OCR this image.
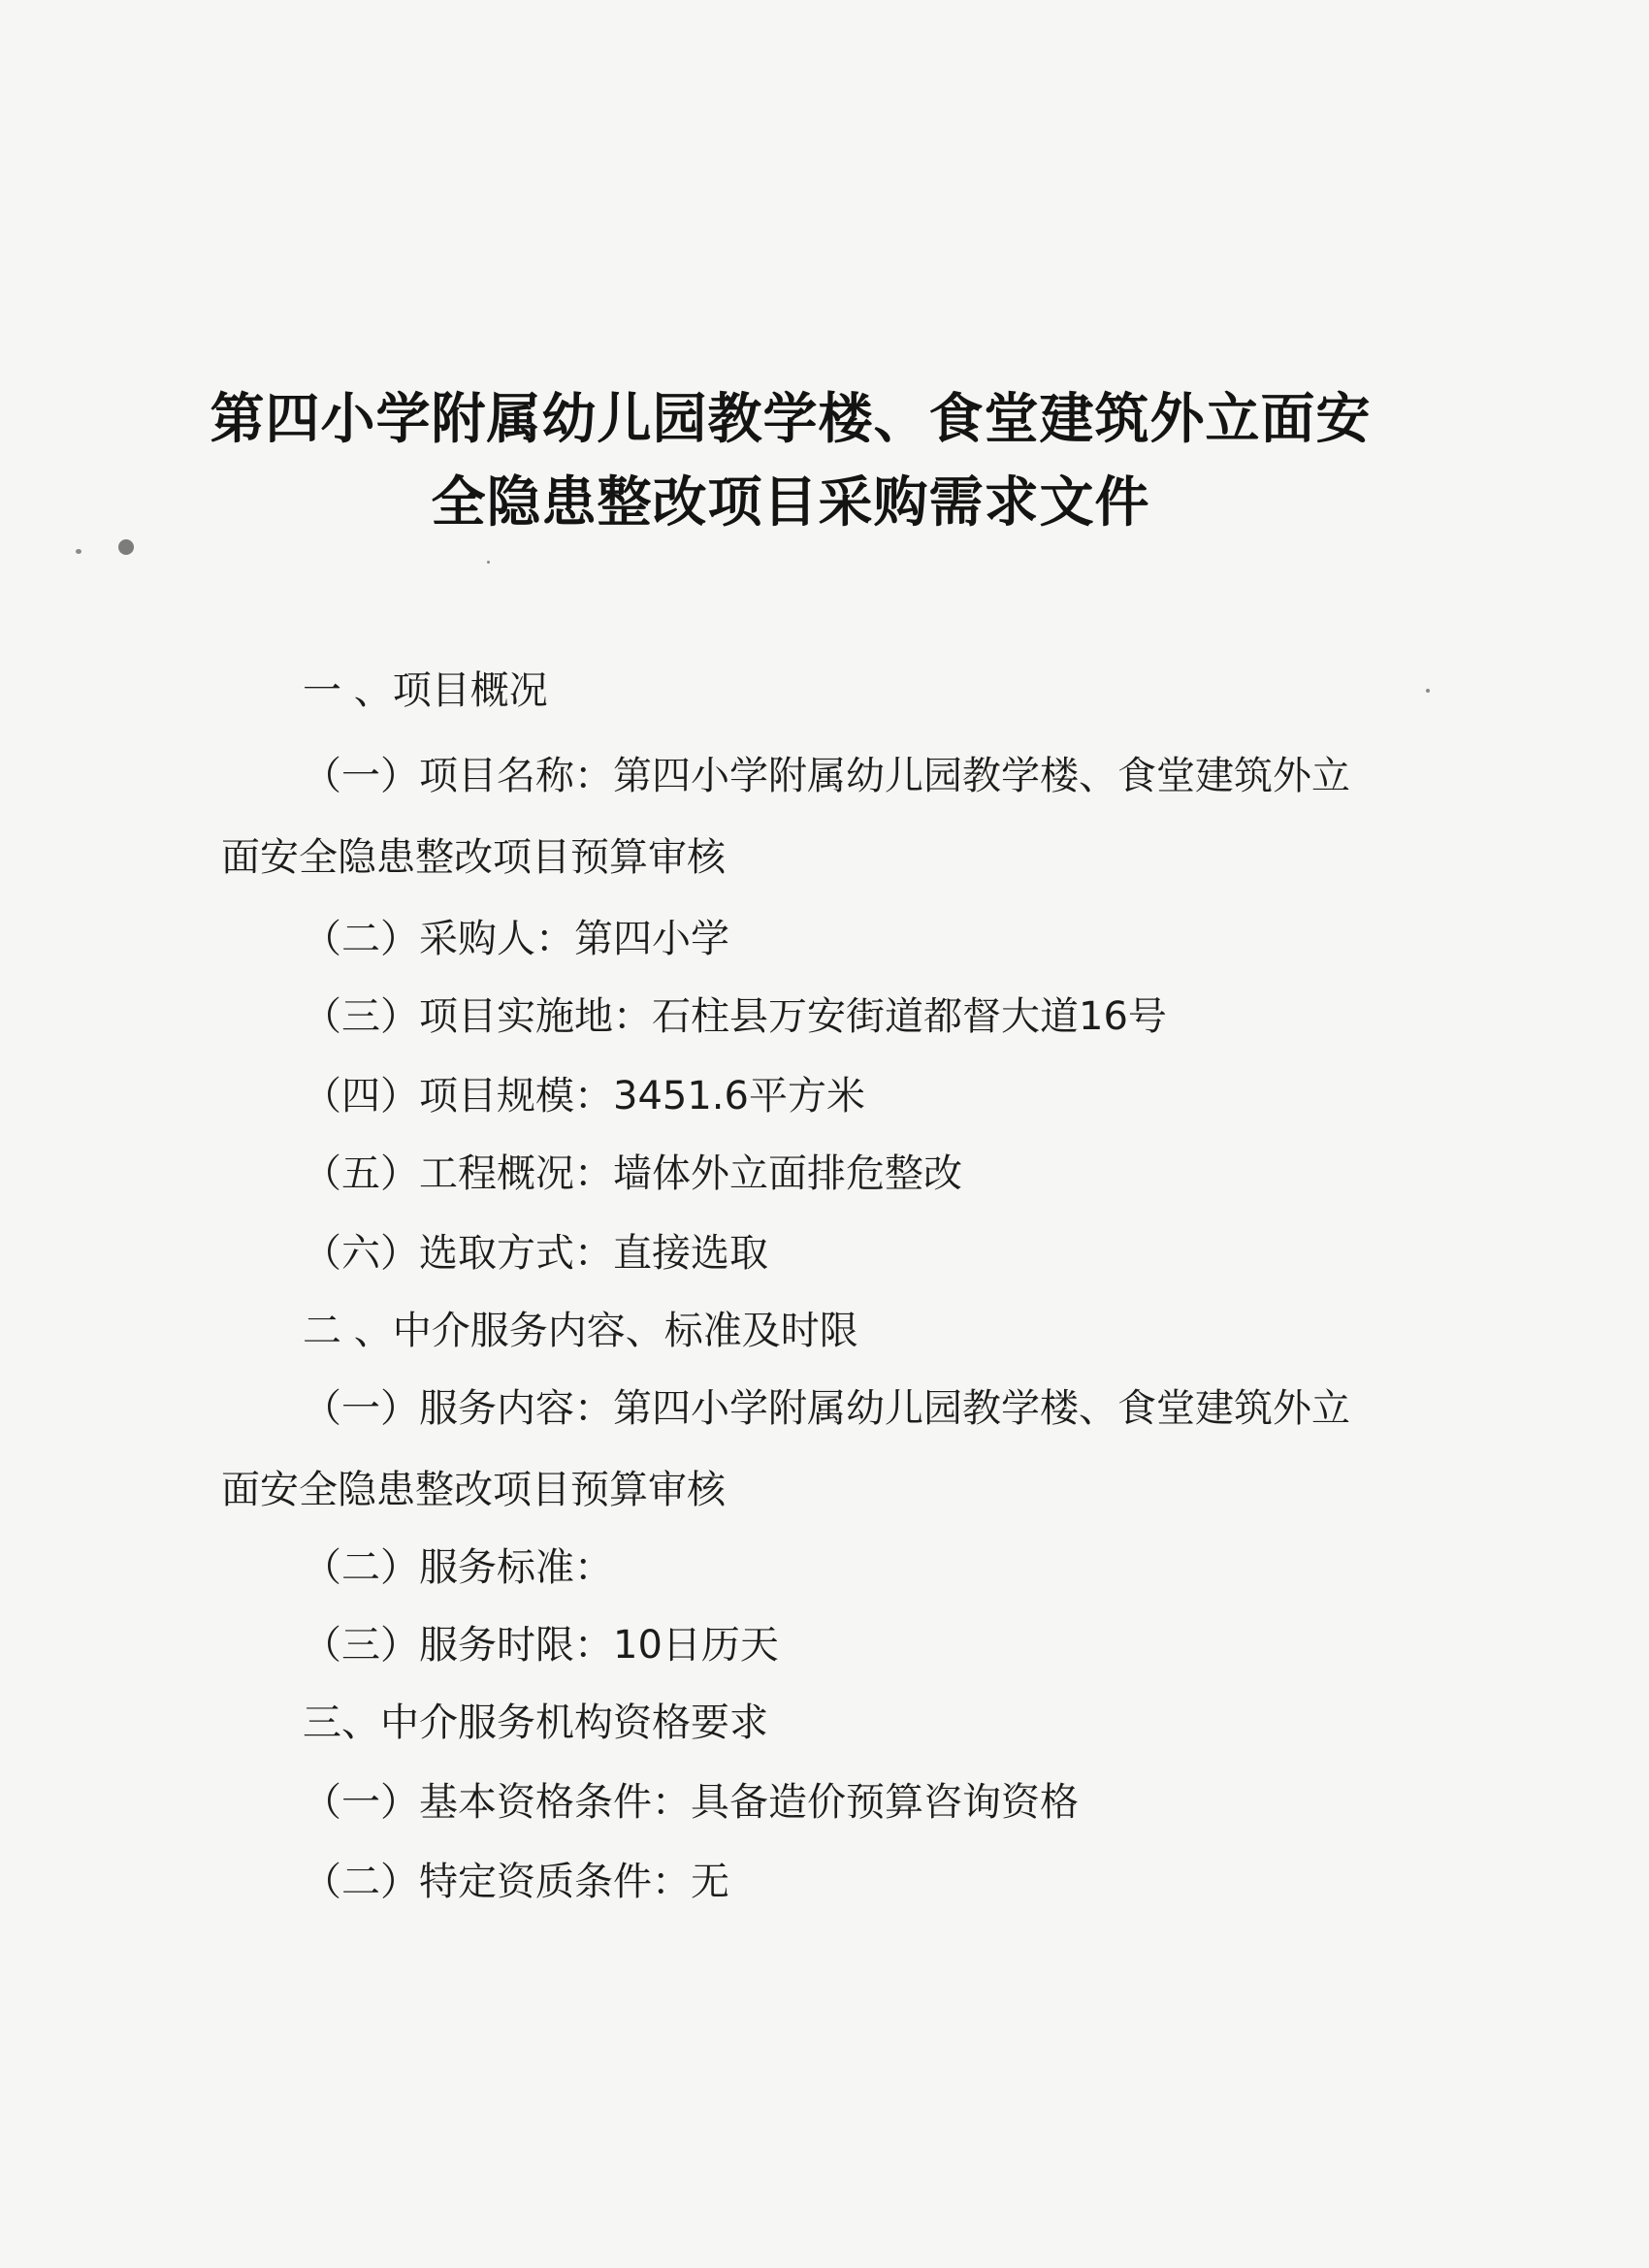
第四小学附属幼儿园教学楼、食堂建筑外立面安
全隐患整改项目采购需求文件
一 、项目概况
（一）项目名称：第四小学附属幼儿园教学楼、食堂建筑外立
面安全隐患整改项目预算审核
（二）采购人：第四小学
（三）项目实施地：石柱县万安街道都督大道16号
（四）项目规模：3451.6平方米
（五）工程概况：墙体外立面排危整改
（六）选取方式：直接选取
二 、中介服务内容、标准及时限
（一）服务内容：第四小学附属幼儿园教学楼、食堂建筑外立
面安全隐患整改项目预算审核
（二）服务标准：
（三）服务时限：10日历天
三、中介服务机构资格要求
（一）基本资格条件：具备造价预算咨询资格
（二）特定资质条件：无
